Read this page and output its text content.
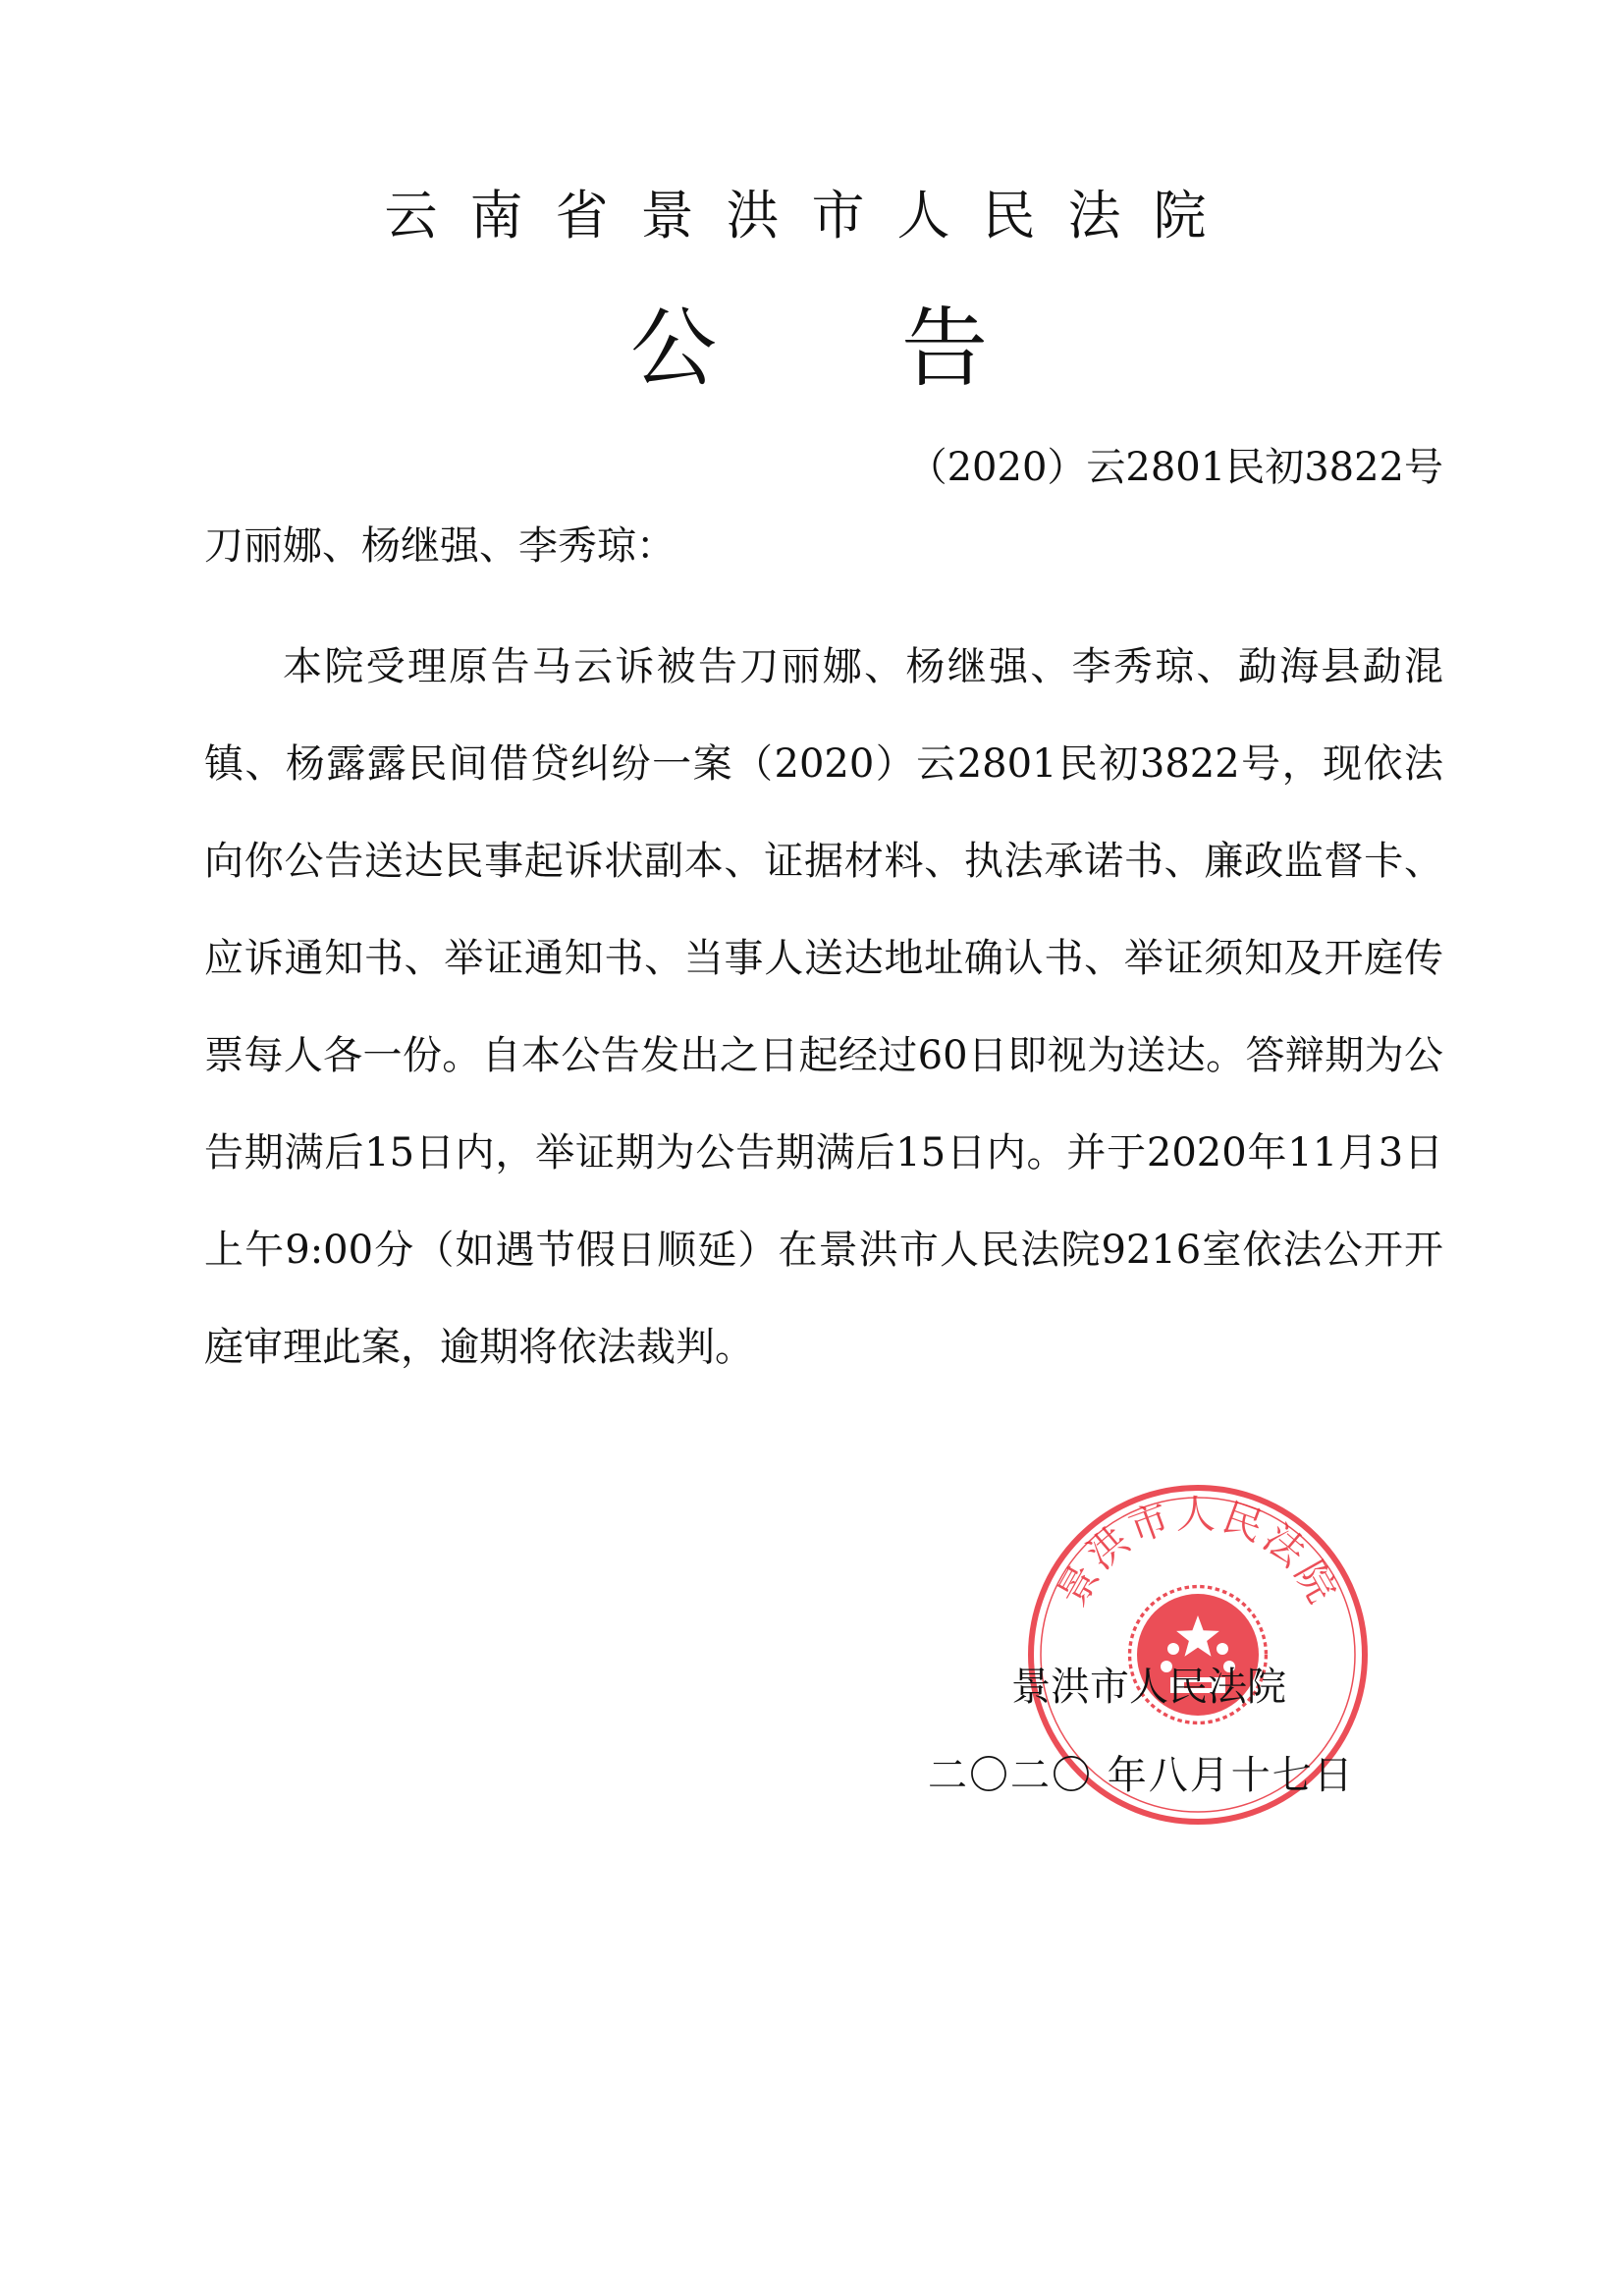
云南省景洪市人民法院
公 告
（2020）云2801民初3822号
刀丽娜、杨继强、李秀琼：

本院受理原告马云诉被告刀丽娜、杨继强、李秀琼、勐海县勐混镇、杨露露民间借贷纠纷一案（2020）云2801民初3822号，现依法向你公告送达民事起诉状副本、证据材料、执法承诺书、廉政监督卡、应诉通知书、举证通知书、当事人送达地址确认书、举证须知及开庭传票每人各一份。自本公告发出之日起经过60日即视为送达。答辩期为公告期满后15日内，举证期为公告期满后15日内。并于2020年11月3日上午9:00分（如遇节假日顺延）在景洪市人民法院9216室依法公开开庭审理此案，逾期将依法裁判。

景洪市人民法院
景洪市人民法院
二〇二〇 年八月十七日
